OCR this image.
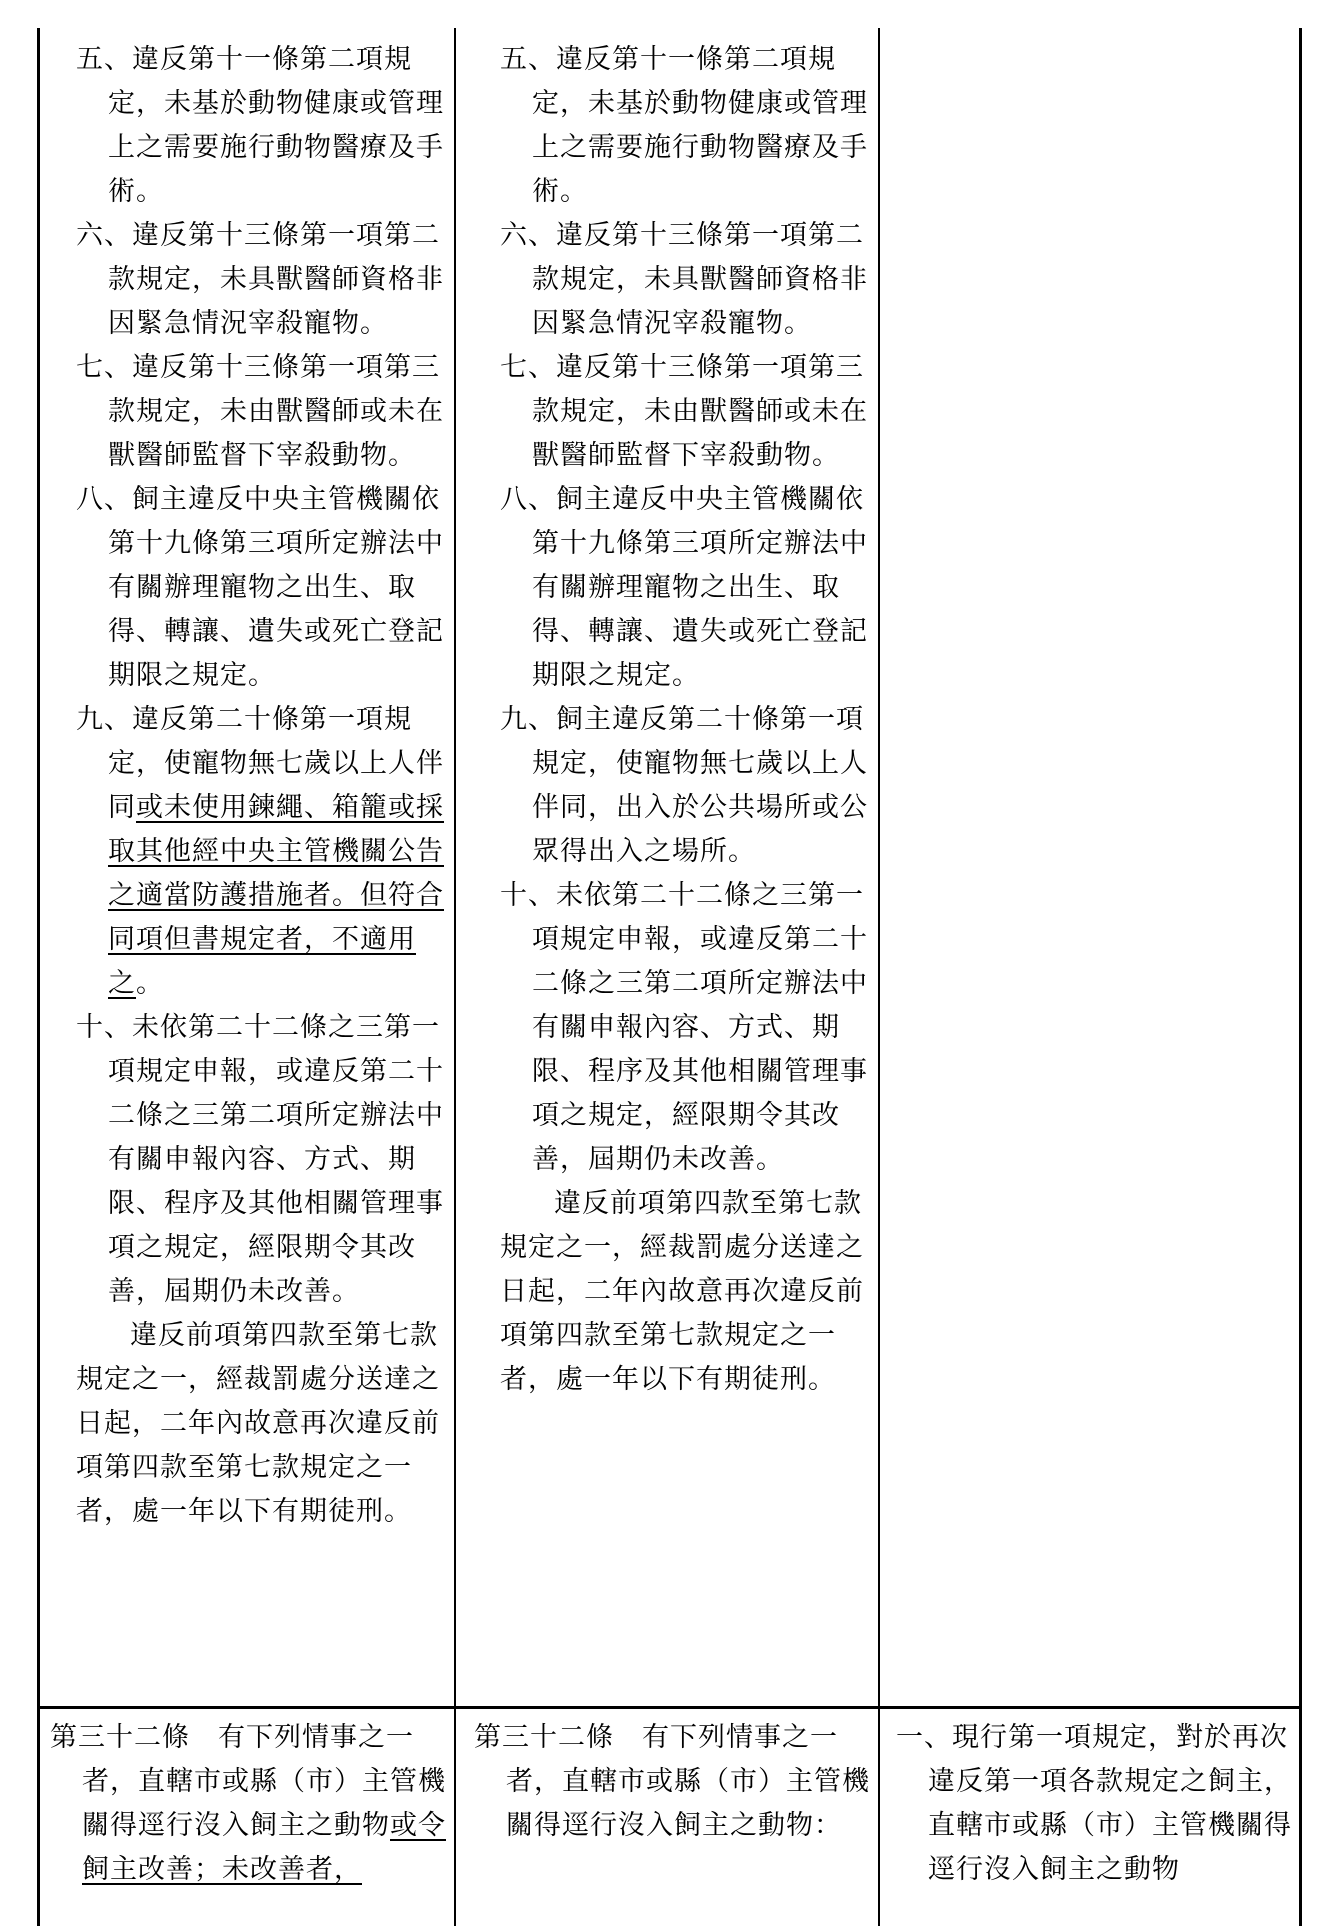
五、違反第十一條第二項規定，未基於動物健康或管理上之需要施行動物醫療及手術。

六、違反第十三條第一項第二款規定，未具獸醫師資格非因緊急情況宰殺寵物。

七、違反第十三條第一項第三款規定，未由獸醫師或未在獸醫師監督下宰殺動物。

八、飼主違反中央主管機關依第十九條第三項所定辦法中有關辦理寵物之出生、取得、轉讓、遺失或死亡登記期限之規定。

九、違反第二十條第一項規定，使寵物無七歲以上人伴同或未使用鍊繩、箱籠或採取其他經中央主管機關公告之適當防護措施者。但符合同項但書規定者，不適用之。

十、未依第二十二條之三第一項規定申報，或違反第二十二條之三第二項所定辦法中有關申報內容、方式、期限、程序及其他相關管理事項之規定，經限期令其改善，屆期仍未改善。

違反前項第四款至第七款規定之一，經裁罰處分送達之日起，二年內故意再次違反前項第四款至第七款規定之一者，處一年以下有期徒刑。

五、違反第十一條第二項規定，未基於動物健康或管理上之需要施行動物醫療及手術。

六、違反第十三條第一項第二款規定，未具獸醫師資格非因緊急情況宰殺寵物。

七、違反第十三條第一項第三款規定，未由獸醫師或未在獸醫師監督下宰殺動物。

八、飼主違反中央主管機關依第十九條第三項所定辦法中有關辦理寵物之出生、取得、轉讓、遺失或死亡登記期限之規定。

九、飼主違反第二十條第一項規定，使寵物無七歲以上人伴同，出入於公共場所或公眾得出入之場所。

十、未依第二十二條之三第一項規定申報，或違反第二十二條之三第二項所定辦法中有關申報內容、方式、期限、程序及其他相關管理事項之規定，經限期令其改善，屆期仍未改善。

違反前項第四款至第七款規定之一，經裁罰處分送達之日起，二年內故意再次違反前項第四款至第七款規定之一者，處一年以下有期徒刑。

第三十二條　有下列情事之一者，直轄市或縣（市）主管機關得逕行沒入飼主之動物或令飼主改善；未改善者，

第三十二條　有下列情事之一者，直轄市或縣（市）主管機關得逕行沒入飼主之動物：

一、現行第一項規定，對於再次違反第一項各款規定之飼主，直轄市或縣（市）主管機關得逕行沒入飼主之動物
